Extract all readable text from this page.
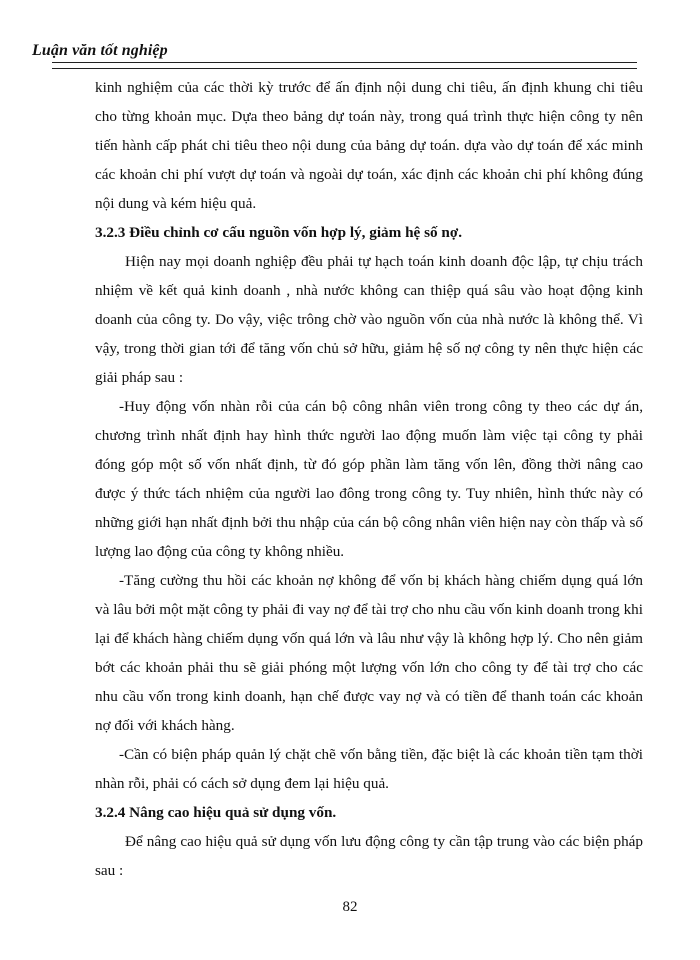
Luận văn tốt nghiệp

kinh nghiệm của các thời kỳ trước để ấn định nội dung chi tiêu, ấn định khung chi tiêu cho từng khoản mục. Dựa theo bảng dự toán này, trong quá trình thực hiện công ty nên tiến hành cấp phát chi tiêu theo nội dung của bảng dự toán. dựa vào dự toán để xác minh các khoản chi phí vượt dự toán và ngoài dự toán, xác định các khoản chi phí không đúng nội dung và kém hiệu quả.

3.2.3 Điều chỉnh cơ cấu nguồn vốn hợp lý, giảm hệ số nợ.

Hiện nay mọi doanh nghiệp đều phải tự hạch toán kinh doanh độc lập, tự chịu trách nhiệm về kết quả kinh doanh , nhà nước không can thiệp quá sâu vào hoạt động kinh doanh của công ty. Do vậy, việc trông chờ vào nguồn vốn của nhà nước là không thể. Vì vậy, trong thời gian tới để tăng vốn chủ sở hữu, giảm hệ số nợ công ty nên thực hiện các giải pháp sau :

-Huy động vốn nhàn rỗi của cán bộ công nhân viên trong công ty theo các dự án, chương trình nhất định hay hình thức người lao động muốn làm việc tại công ty phải đóng góp một số vốn nhất định, từ đó góp phần làm tăng vốn lên, đồng thời nâng cao được ý thức tách nhiệm của người lao đông trong công ty. Tuy nhiên, hình thức này có những giới hạn nhất định bởi thu nhập của cán bộ công nhân viên hiện nay còn thấp và số lượng lao động của công ty không nhiều.

-Tăng cường thu hồi các khoản nợ không để vốn bị khách hàng chiếm dụng quá lớn và lâu bởi một mặt công ty phải đi vay nợ để tài trợ cho nhu cầu vốn kinh doanh trong khi lại để khách hàng chiếm dụng vốn quá lớn và lâu như vậy là không hợp lý. Cho nên giảm bớt các khoản phải thu sẽ giải phóng một lượng vốn lớn cho công ty để tài trợ cho các nhu cầu vốn trong kinh doanh, hạn chế được vay nợ và có tiền để thanh toán các khoản nợ đối với khách hàng.

-Cần có biện pháp quản lý chặt chẽ vốn bằng tiền, đặc biệt là các khoản tiền tạm thời nhàn rỗi, phải có cách sở dụng đem lại hiệu quả.

3.2.4 Nâng cao hiệu quả sử dụng vốn.

Để nâng cao hiệu quả sử dụng vốn lưu động công ty cần tập trung vào các biện pháp sau :

82
